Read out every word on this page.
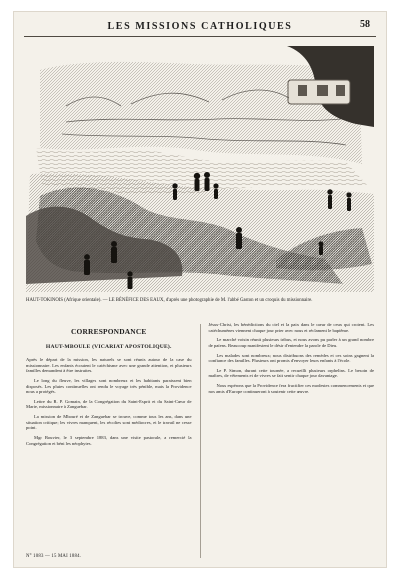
LES MISSIONS CATHOLIQUES	58
HAUT-TOKINOIS (Afrique orientale). — LE BÉNÉFICE DES EAUX, d'après une photographie de M. l'abbé Gaston et un croquis du missionnaire.
CORRESPONDANCE
HAUT-MBOULE (VICARIAT APOSTOLIQUE).

Après le départ de la mission, les naturels se sont réunis autour de la case du missionnaire. Les enfants écoutent le catéchisme avec une grande attention, et plusieurs familles demandent à être instruites.

Le long du fleuve, les villages sont nombreux et les habitants paraissent bien disposés. Les pluies continuelles ont rendu le voyage très pénible, mais la Providence nous a protégés.

Lettre du R. P. Gomain, de la Congrégation du Saint-Esprit et du Saint-Cœur de Marie, missionnaire à Zanguebar.

La mission de Mbouré et de Zanguebar se trouve, comme tous les ans, dans une situation critique; les vivres manquent, les récoltes sont médiocres, et le travail ne cesse point.

Mgr Bouvier, le 3 septembre 1883, dans une visite pastorale, a remercié la Congrégation et béni les néophytes.

N° 1083 — 15 MAI 1884.

Jésus-Christ, les bénédictions du ciel et la paix dans le cœur de ceux qui croient. Les catéchumènes viennent chaque jour prier avec nous et réclament le baptême.

Le marché voisin réunit plusieurs tribus, et nous avons pu parler à un grand nombre de païens. Beaucoup manifestent le désir d'entendre la parole de Dieu.

Les malades sont nombreux; nous distribuons des remèdes et ces soins gagnent la confiance des familles. Plusieurs ont promis d'envoyer leurs enfants à l'école.

Le P. Simon, durant cette tournée, a recueilli plusieurs orphelins. Le besoin de maîtres, de vêtements et de vivres se fait sentir chaque jour davantage.

Nous espérons que la Providence fera fructifier ces modestes commencements et que nos amis d'Europe continueront à soutenir cette œuvre.
